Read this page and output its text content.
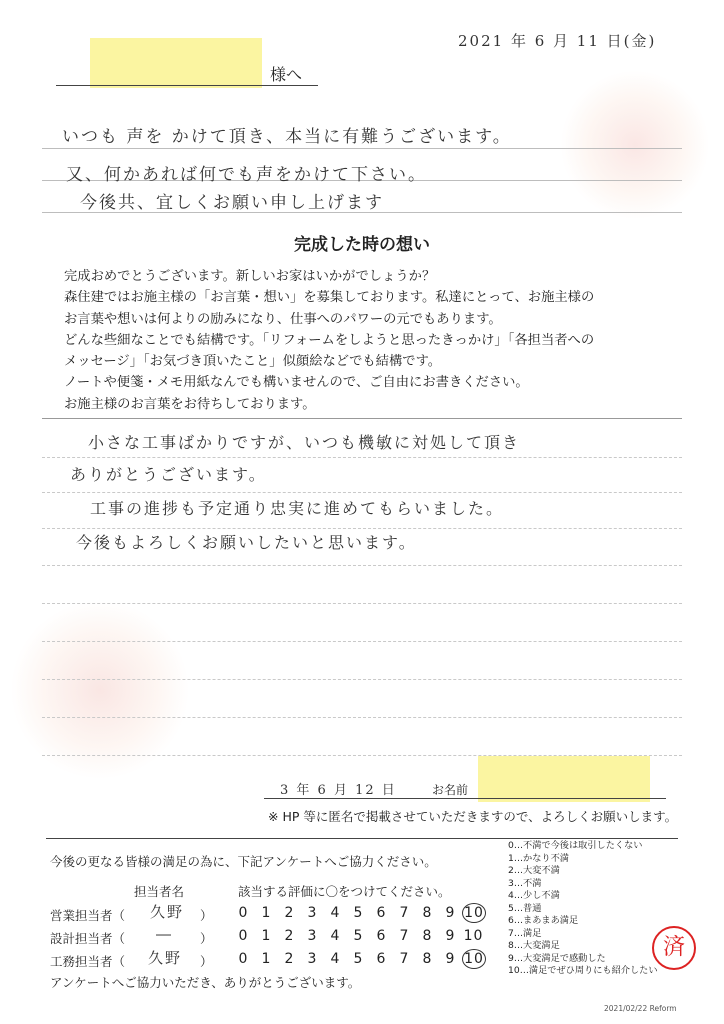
2021 年 6 月 11 日(金)
様へ
いつも 声を かけて頂き、本当に有難うございます。
又、何かあれば何でも声をかけて下さい。
今後共、宜しくお願い申し上げます
完成した時の想い
完成おめでとうございます。新しいお家はいかがでしょうか？
森住建ではお施主様の「お言葉・想い」を募集しております。私達にとって、お施主様の
お言葉や想いは何よりの励みになり、仕事へのパワーの元でもあります。
どんな些細なことでも結構です。「リフォームをしようと思ったきっかけ」「各担当者への
メッセージ」「お気づき頂いたこと」似顔絵などでも結構です。
ノートや便箋・メモ用紙なんでも構いませんので、ご自由にお書きください。
お施主様のお言葉をお待ちしております。
小さな工事ばかりですが、いつも機敏に対処して頂き
ありがとうございます。
工事の進捗も予定通り忠実に進めてもらいました。
今後もよろしくお願いしたいと思います。
3 年 6 月 12 日	お名前
※ HP 等に匿名で掲載させていただきますので、よろしくお願いします。
今後の更なる皆様の満足の為に、下記アンケートへご協力ください。
担当者名	該当する評価に〇をつけてください。
営業担当者（ 久野 ）	0 1 2 3 4 5 6 7 8 9 10
設計担当者（ ― ）	0 1 2 3 4 5 6 7 8 9 10
工務担当者（ 久野 ）	0 1 2 3 4 5 6 7 8 9 10
アンケートへご協力いただき、ありがとうございます。
0…不満で今後は取引したくない
1…かなり不満
2…大変不満
3…不満
4…少し不満
5…普通
6…まあまあ満足
7…満足
8…大変満足
9…大変満足で感動した
10…満足でぜひ周りにも紹介したい
済
2021/02/22 Reform
